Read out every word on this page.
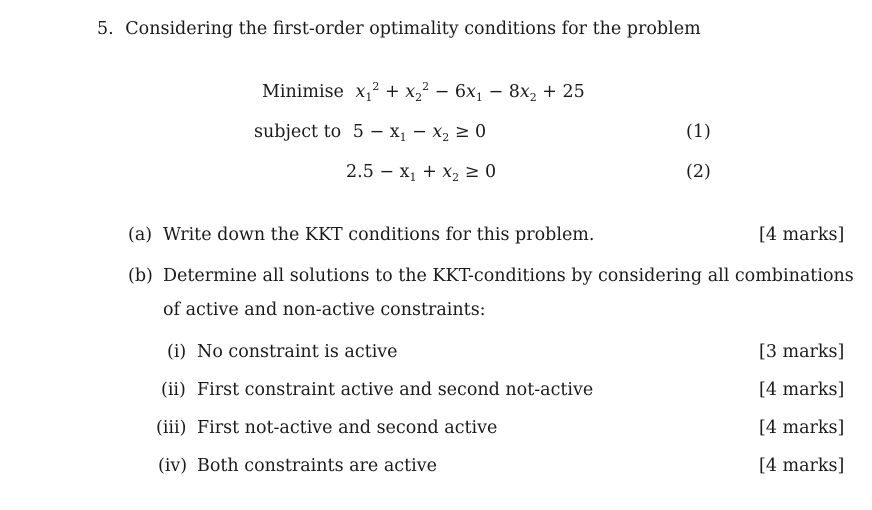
5. Considering the first-order optimality conditions for the problem
Minimise $x_1^2 + x_2^2 - 6x_1 - 8x_2 + 25$
subject to $5 - x_1 - x_2 \ge 0$	(1)
$2.5 - x_1 + x_2 \ge 0$	(2)
(a) Write down the KKT conditions for this problem.	[4 marks]
(b) Determine all solutions to the KKT-conditions by considering all combinations
of active and non-active constraints:
(i) No constraint is active	[3 marks]
(ii) First constraint active and second not-active	[4 marks]
(iii) First not-active and second active	[4 marks]
(iv) Both constraints are active	[4 marks]
